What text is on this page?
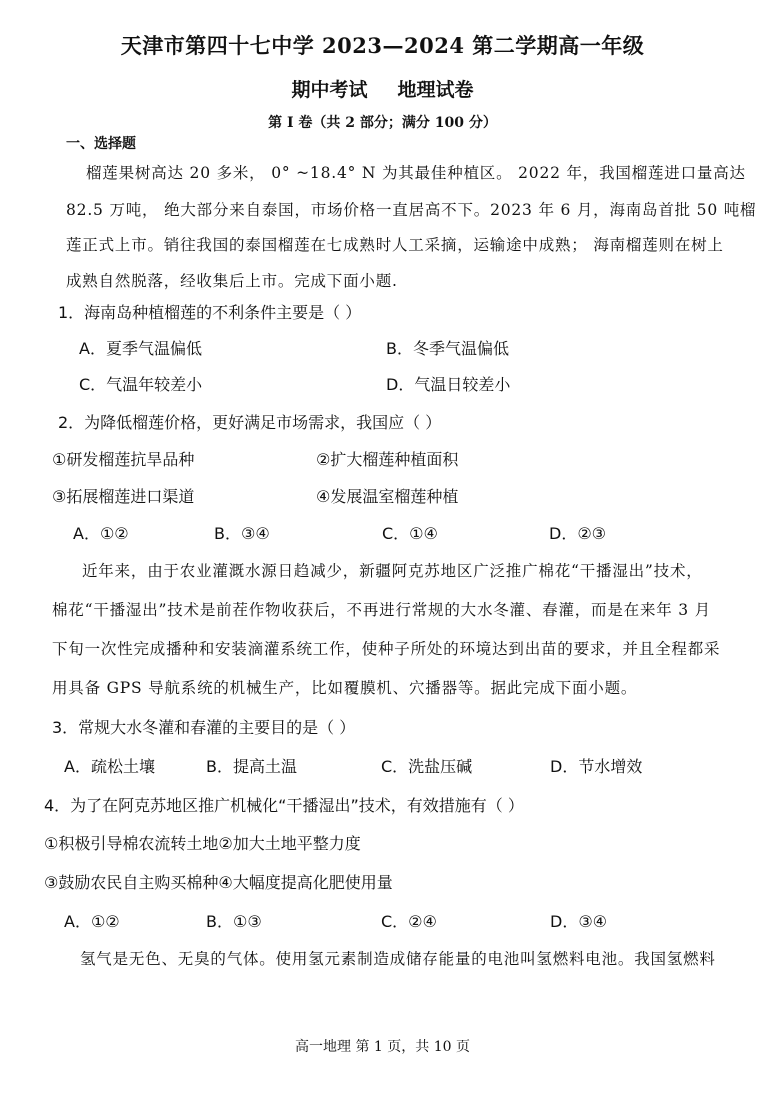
天津市第四十七中学 2023—2024 第二学期高一年级
期中考试 地理试卷
第 I 卷（共 2 部分；满分 100 分）
一、选择题
榴莲果树高达 20 多米， 0° ~18.4° N 为其最佳种植区。 2022 年，我国榴莲进口量高达
82.5 万吨， 绝大部分来自泰国，市场价格一直居高不下。2023 年 6 月，海南岛首批 50 吨榴
莲正式上市。销往我国的泰国榴莲在七成熟时人工采摘，运输途中成熟； 海南榴莲则在树上
成熟自然脱落，经收集后上市。完成下面小题.
1．海南岛种植榴莲的不利条件主要是（ ）
A．夏季气温偏低	B．冬季气温偏低
C．气温年较差小	D．气温日较差小
2．为降低榴莲价格，更好满足市场需求，我国应（ ）
①研发榴莲抗旱品种	②扩大榴莲种植面积
③拓展榴莲进口渠道	④发展温室榴莲种植
A．①②	B．③④	C．①④	D．②③
近年来，由于农业灌溉水源日趋减少，新疆阿克苏地区广泛推广棉花“干播湿出”技术，
棉花“干播湿出”技术是前茬作物收获后，不再进行常规的大水冬灌、春灌，而是在来年 3 月
下旬一次性完成播种和安装滴灌系统工作，使种子所处的环境达到出苗的要求，并且全程都采
用具备 GPS 导航系统的机械生产，比如覆膜机、穴播器等。据此完成下面小题。
3．常规大水冬灌和春灌的主要目的是（ ）
A．疏松土壤	B．提高土温	C．洗盐压碱	D．节水增效
4．为了在阿克苏地区推广机械化“干播湿出”技术，有效措施有（ ）
①积极引导棉农流转土地②加大土地平整力度
③鼓励农民自主购买棉种④大幅度提高化肥使用量
A．①②	B．①③	C．②④	D．③④
氢气是无色、无臭的气体。使用氢元素制造成储存能量的电池叫氢燃料电池。我国氢燃料
高一地理 第 1 页，共 10 页
